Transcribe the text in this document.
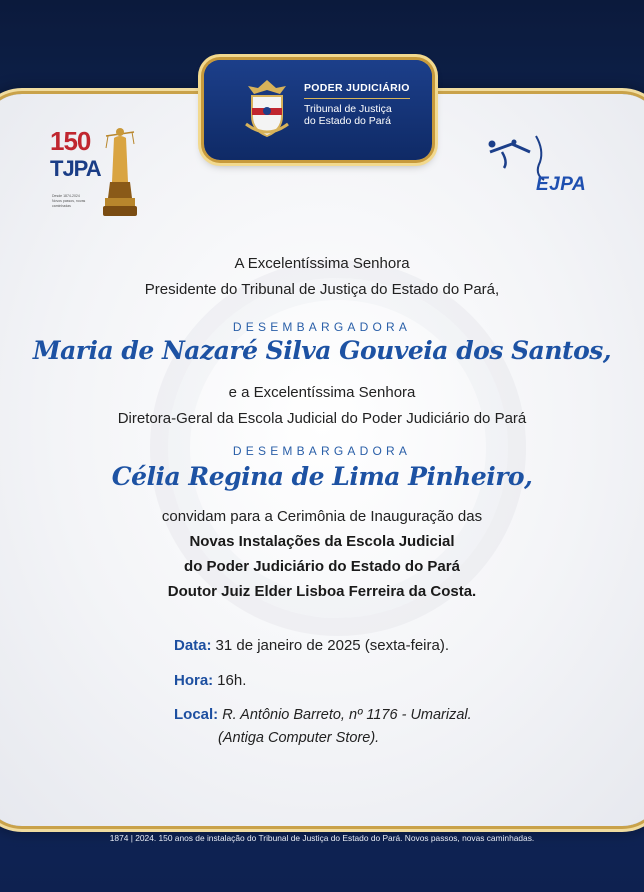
PODER JUDICIÁRIO
Tribunal de Justiça
do Estado do Pará
150
TJPA
Desde 1874-2024
Novos passos, novas caminhadas
EJPA
A Excelentíssima Senhora
Presidente do Tribunal de Justiça do Estado do Pará,
DESEMBARGADORA
Maria de Nazaré Silva Gouveia dos Santos,
e a Excelentíssima Senhora
Diretora-Geral da Escola Judicial do Poder Judiciário do Pará
DESEMBARGADORA
Célia Regina de Lima Pinheiro,
convidam para a Cerimônia de Inauguração das
Novas Instalações da Escola Judicial
do Poder Judiciário do Estado do Pará
Doutor Juiz Elder Lisboa Ferreira da Costa.
Data: 31 de janeiro de 2025 (sexta-feira).
Hora: 16h.
Local: R. Antônio Barreto, nº 1176 - Umarizal.
(Antiga Computer Store).
1874 | 2024. 150 anos de instalação do Tribunal de Justiça do Estado do Pará. Novos passos, novas caminhadas.
